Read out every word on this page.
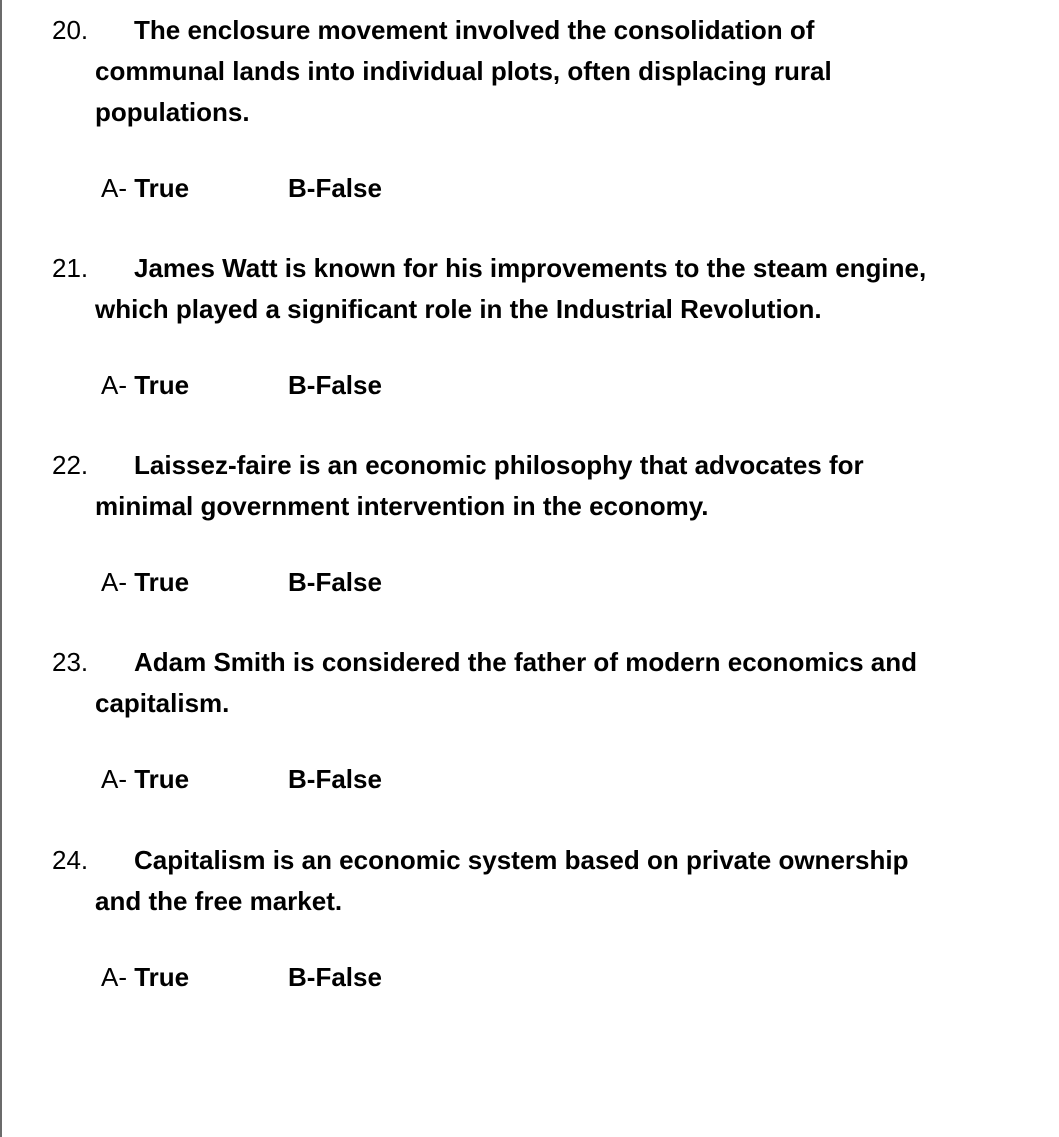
20. The enclosure movement involved the consolidation of

communal lands into individual plots, often displacing rural
populations.
A- True	B-False
21. James Watt is known for his improvements to the steam engine,

which played a significant role in the Industrial Revolution.
A- True	B-False
22. Laissez-faire is an economic philosophy that advocates for

minimal government intervention in the economy.
A- True	B-False
23. Adam Smith is considered the father of modern economics and

capitalism.
A- True	B-False
24. Capitalism is an economic system based on private ownership

and the free market.
A- True	B-False
